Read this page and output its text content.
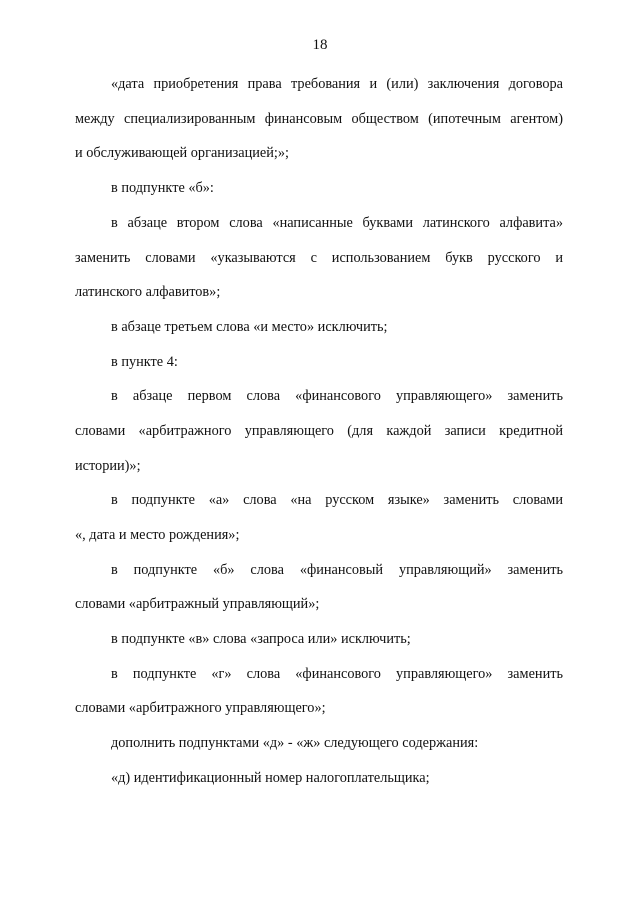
18
«дата приобретения права требования и (или) заключения договора
между специализированным финансовым обществом (ипотечным агентом)
и обслуживающей организацией;»;
в подпункте «б»:
в абзаце втором слова «написанные буквами латинского алфавита»
заменить словами «указываются с использованием букв русского и
латинского алфавитов»;
в абзаце третьем слова «и место» исключить;
в пункте 4:
в абзаце первом слова «финансового управляющего» заменить
словами «арбитражного управляющего (для каждой записи кредитной
истории)»;
в подпункте «а» слова «на русском языке» заменить словами
«, дата и место рождения»;
в подпункте «б» слова «финансовый управляющий» заменить
словами «арбитражный управляющий»;
в подпункте «в» слова «запроса или» исключить;
в подпункте «г» слова «финансового управляющего» заменить
словами «арбитражного управляющего»;
дополнить подпунктами «д» - «ж» следующего содержания:
«д) идентификационный номер налогоплательщика;
